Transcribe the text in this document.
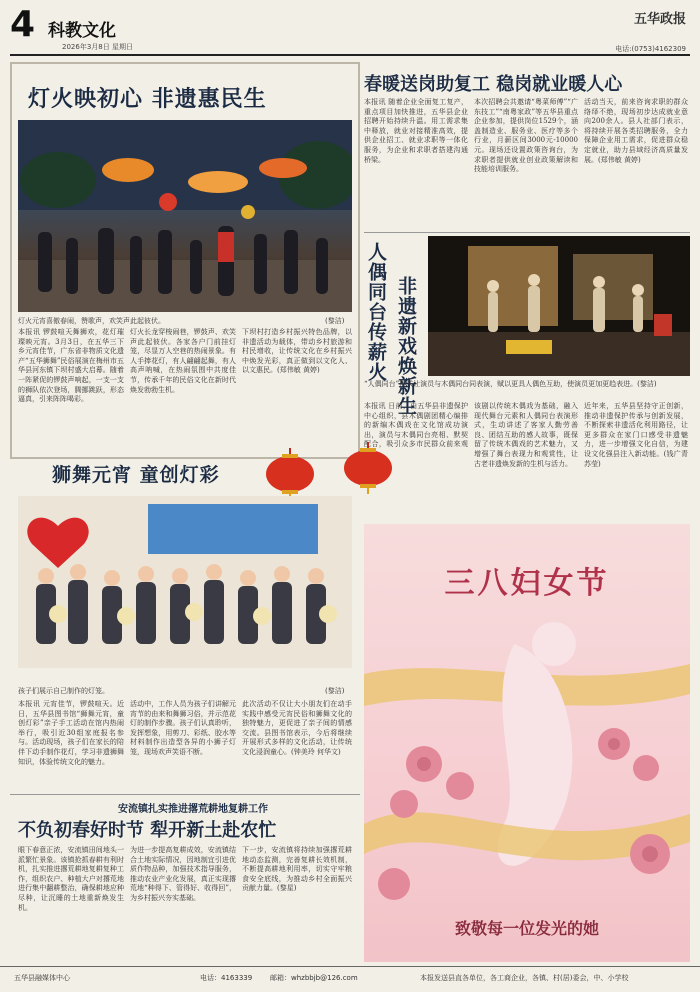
4 科教文化
2026年3月8日 星期日
五华政报
电话:(0753)4162309
灯火映初心 非遗惠民生
灯火元宵喜傲春闹，赞歌声，欢笑声此起彼伏。	(黎洁)
本报讯 锣鼓喧天舞狮欢，花灯璀璨映元宵。3月3日，在五华三下乡元宵佳节，广东省非物质文化遗产“五华狮舞”民俗展演在梅州市五华县河东镇下坝村盛大启幕。随着一阵紧促的锣鼓声响起，一支一支的狮队依次登场，腾挪跳跃，形态逼真，引来阵阵喝彩。
灯火长龙穿梭闹巷，锣鼓声、欢笑声此起彼伏。各家各户门前挂灯笼，尽显万人空巷的热闹景象。有人手捧花灯，有人翩翩起舞，有人高声呐喊，在热闹氛围中共度佳节，传承千年的民俗文化在新时代焕发勃勃生机。
下坝村打造乡村振兴特色品牌，以非遗活动为载体，带动乡村旅游和村民增收，让传统文化在乡村振兴中焕发光彩，真正做到以文化人、以文惠民。(郑伟敏 黄婷)
春暖送岗助复工 稳岗就业暖人心
本报讯 随着企业全面复工复产，重点项目加快推进，五华县企业招聘开始持续升温。用工需求集中释放，就业对接精准高效，提供企业招工、就业求职等一体化服务，为企业和求职者搭建沟通桥梁。
本次招聘会共邀请“粤菜师傅”“广东技工”“南粤家政”等五华县重点企业参加，提供岗位1529个，涵盖制造业、服务业、医疗等多个行业，月薪区间3000元-10000元。现场还设置政策咨询台，为求职者提供就业创业政策解读和技能培训服务。
活动当天，前来咨询求职的群众络绎不绝，现场初步达成就业意向200余人。县人社部门表示，将持续开展各类招聘服务，全力保障企业用工需求，促进群众稳定就业，助力县域经济高质量发展。(郑伟敏 黄婷)
人偶同台传薪火 非遗新戏焕新生
“人偶同台”模式让演员与木偶同台同表演，赋以更具人偶色互助，使演员更加更趋表进。(黎洁)
本报讯 日前，由五华县非遗保护中心组织，县木偶剧团精心编排的新编木偶戏在文化馆成功演出，演员与木偶同台亮相、默契配合，吸引众多市民群众前来观
该剧以传统木偶戏为基础，融入现代舞台元素和人偶同台表演形式，生动讲述了客家人勤劳善良、团结互助的感人故事，既保留了传统木偶戏的艺术魅力，又增强了舞台表现力和观赏性，让古老非遗焕发新的生机与活力。
近年来，五华县坚持守正创新，推动非遗保护传承与创新发展，不断探索非遗活化利用路径，让更多群众在家门口感受非遗魅力，进一步增强文化自信，为建设文化强县注入新动能。(钱广青 苏莹)
狮舞元宵 童创灯彩
孩子们展示自己制作的灯笼。	(黎洁)
本报讯 元宵佳节，锣鼓喧天。近日，五华县图书馆“狮舞元宵，童创灯彩”亲子手工活动在馆内热闹举行，吸引近30组家庭报名参与。活动现场，孩子们在家长的陪伴下动手制作花灯，学习非遗狮舞知识，体验传统文化的魅力。
活动中，工作人员为孩子们讲解元宵节的由来和舞狮习俗，并示范花灯的制作步骤。孩子们认真聆听，发挥想象，用剪刀、彩纸、胶水等材料制作出造型各异的小狮子灯笼，现场欢声笑语不断。
此次活动不仅让大小朋友们在动手实践中感受元宵民俗和狮舞文化的独特魅力，更促进了亲子间的情感交流。县图书馆表示，今后将继续开展形式多样的文化活动，让传统文化浸润童心。(钟美玲 何华文)
安流镇扎实推进撂荒耕地复耕工作
不负初春好时节 犁开新土赴农忙
眼下春意正浓，安流镇田间地头一派繁忙景象。该镇抢抓春耕有利时机，扎实推进撂荒耕地复耕复种工作，组织农户、种植大户对撂荒地进行集中翻耕整治，确保耕地应种尽种，让沉睡的土地重新焕发生机。
为进一步提高复耕成效，安流镇结合土地实际情况，因地制宜引进优质作物品种，加强技术指导服务，推动农业产业化发展，真正实现撂荒地“种得下、管得好、收得回”，为乡村振兴夯实基础。
下一步，安流镇将持续加强撂荒耕地动态监测，完善复耕长效机制，不断提高耕地利用率，切实守牢粮食安全底线，为推动乡村全面振兴贡献力量。(黎星)
三八妇女节
致敬每一位发光的她
五华县融媒体中心	电话：4163339	邮箱：whzbbjb@126.com	本报发送县直各单位，各工商企业，各镇、村(居)委会，中、小学校
